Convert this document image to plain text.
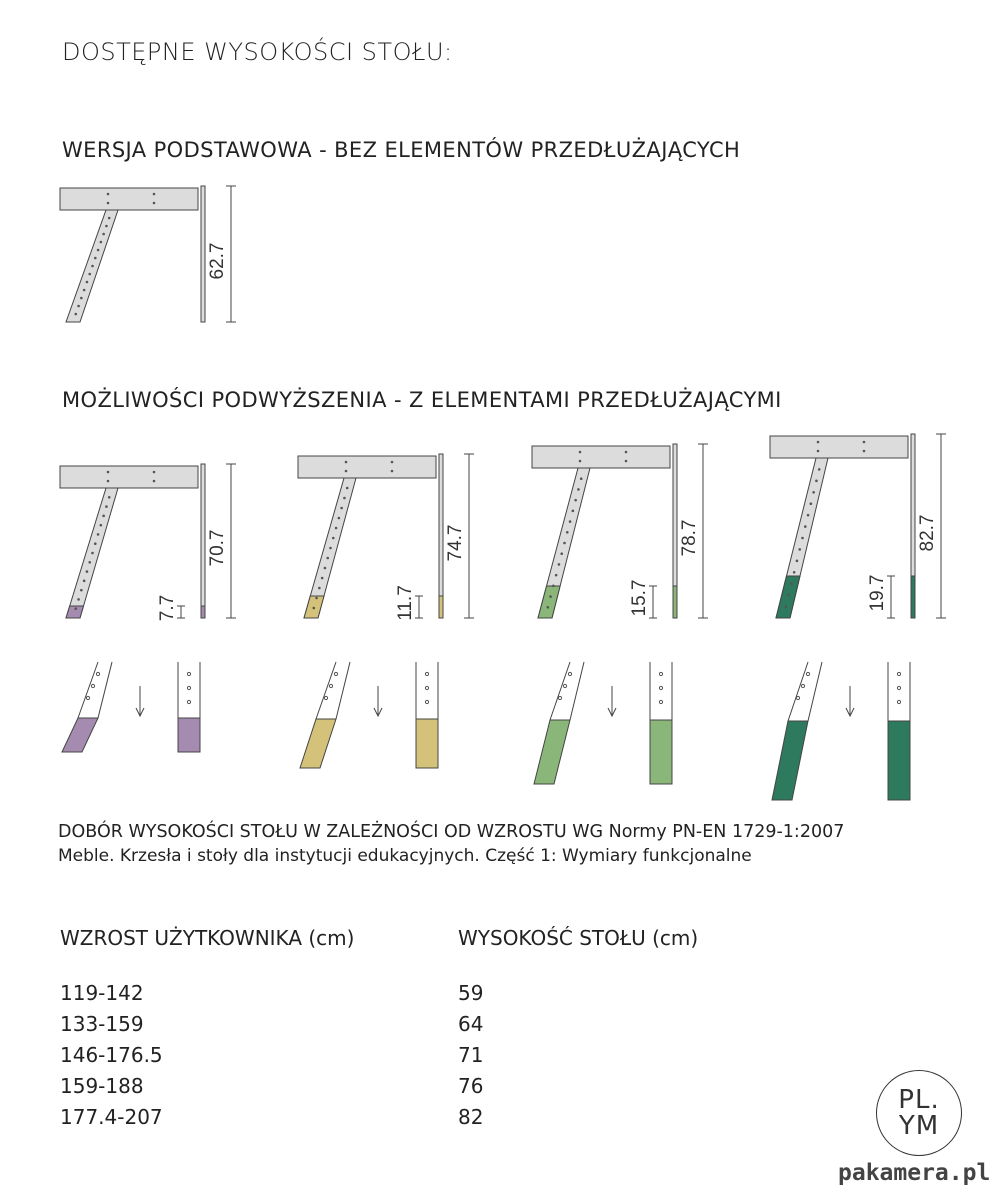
DOSTĘPNE WYSOKOŚCI STOŁU:
WERSJA PODSTAWOWA - BEZ ELEMENTÓW PRZEDŁUŻAJĄCYCH
MOŻLIWOŚCI PODWYŻSZENIA - Z ELEMENTAMI PRZEDŁUŻAJĄCYMI
62.7
70.7
7.7
74.7
11.7
78.7
15.7
82.7
19.7
DOBÓR WYSOKOŚCI STOŁU W ZALEŻNOŚCI OD WZROSTU WG Normy PN-EN 1729-1:2007
Meble. Krzesła i stoły dla instytucji edukacyjnych. Część 1: Wymiary funkcjonalne
WZROST UŻYTKOWNIKA (cm)
119-142
133-159
146-176.5
159-188
177.4-207
WYSOKOŚĆ STOŁU (cm)
59
64
71
76
82
PL.
YM
pakamera.pl
